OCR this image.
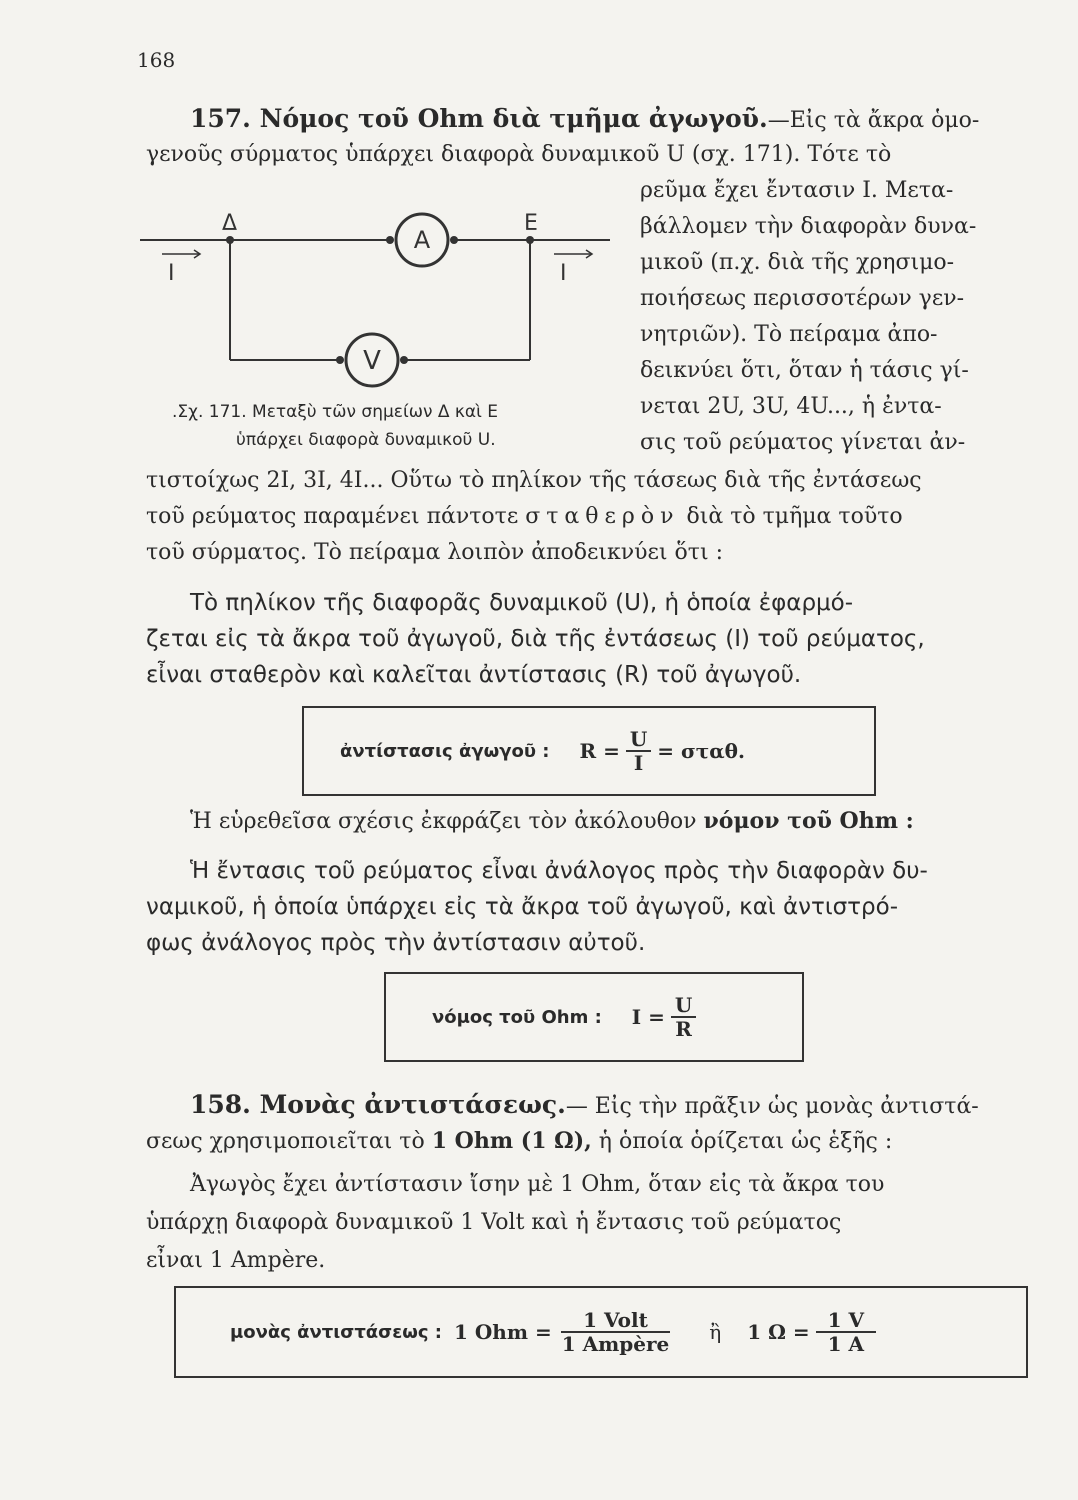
168
157. Νόμος τοῦ Ohm διὰ τμῆμα ἀγωγοῦ.—Εἰς τὰ ἄκρα ὁμο-
γενοῦς σύρματος ὑπάρχει διαφορὰ δυναμικοῦ U (σχ. 171). Τότε τὸ
ρεῦμα ἔχει ἔντασιν I. Μετα-
βάλλομεν τὴν διαφορὰν δυνα-
μικοῦ (π.χ. διὰ τῆς χρησιμο-
ποιήσεως περισσοτέρων γεν-
νητριῶν). Τὸ πείραμα ἀπο-
δεικνύει ὅτι, ὅταν ἡ τάσις γί-
νεται 2U, 3U, 4U..., ἡ ἐντα-
σις τοῦ ρεύματος γίνεται ἀν-
Δ	Ε
I	I
A
V
.Σχ. 171. Μεταξὺ τῶν σημείων Δ καὶ Ε
ὑπάρχει διαφορὰ δυναμικοῦ U.
τιστοίχως 2I, 3I, 4I... Οὕτω τὸ πηλίκον τῆς τάσεως διὰ τῆς ἐντάσεως
τοῦ ρεύματος παραμένει πάντοτε σταθερὸν διὰ τὸ τμῆμα τοῦτο
τοῦ σύρματος. Τὸ πείραμα λοιπὸν ἀποδεικνύει ὅτι :
Τὸ πηλίκον τῆς διαφορᾶς δυναμικοῦ (U), ἡ ὁποία ἐφαρμό-
ζεται εἰς τὰ ἄκρα τοῦ ἀγωγοῦ, διὰ τῆς ἐντάσεως (I) τοῦ ρεύματος,
εἶναι σταθερὸν καὶ καλεῖται ἀντίστασις (R) τοῦ ἀγωγοῦ.
ἀντίστασις ἀγωγοῦ : $R = \frac{U}{I} = \sigma\tau\alpha\theta$.
Ἡ εὑρεθεῖσα σχέσις ἐκφράζει τὸν ἀκόλουθον νόμον τοῦ Ohm :
Ἡ ἔντασις τοῦ ρεύματος εἶναι ἀνάλογος πρὸς τὴν διαφορὰν δυ-
ναμικοῦ, ἡ ὁποία ὑπάρχει εἰς τὰ ἄκρα τοῦ ἀγωγοῦ, καὶ ἀντιστρό-
φως ἀνάλογος πρὸς τὴν ἀντίστασιν αὐτοῦ.
νόμος τοῦ Ohm : $I = \frac{U}{R}$
158. Μονὰς ἀντιστάσεως.— Εἰς τὴν πρᾶξιν ὡς μονὰς ἀντιστά-
σεως χρησιμοποιεῖται τὸ 1 Ohm (1 Ω), ἡ ὁποία ὁρίζεται ὡς ἑξῆς :
Ἀγωγὸς ἔχει ἀντίστασιν ἴσην μὲ 1 Ohm, ὅταν εἰς τὰ ἄκρα του
ὑπάρχῃ διαφορὰ δυναμικοῦ 1 Volt καὶ ἡ ἔντασις τοῦ ρεύματος
εἶναι 1 Ampère.
μονὰς ἀντιστάσεως : 1 Ohm = $\frac{\text{1 Volt}}{\text{1 Ampère}}$ ἢ 1 $\Omega = \frac{1 V}{1 A}$
